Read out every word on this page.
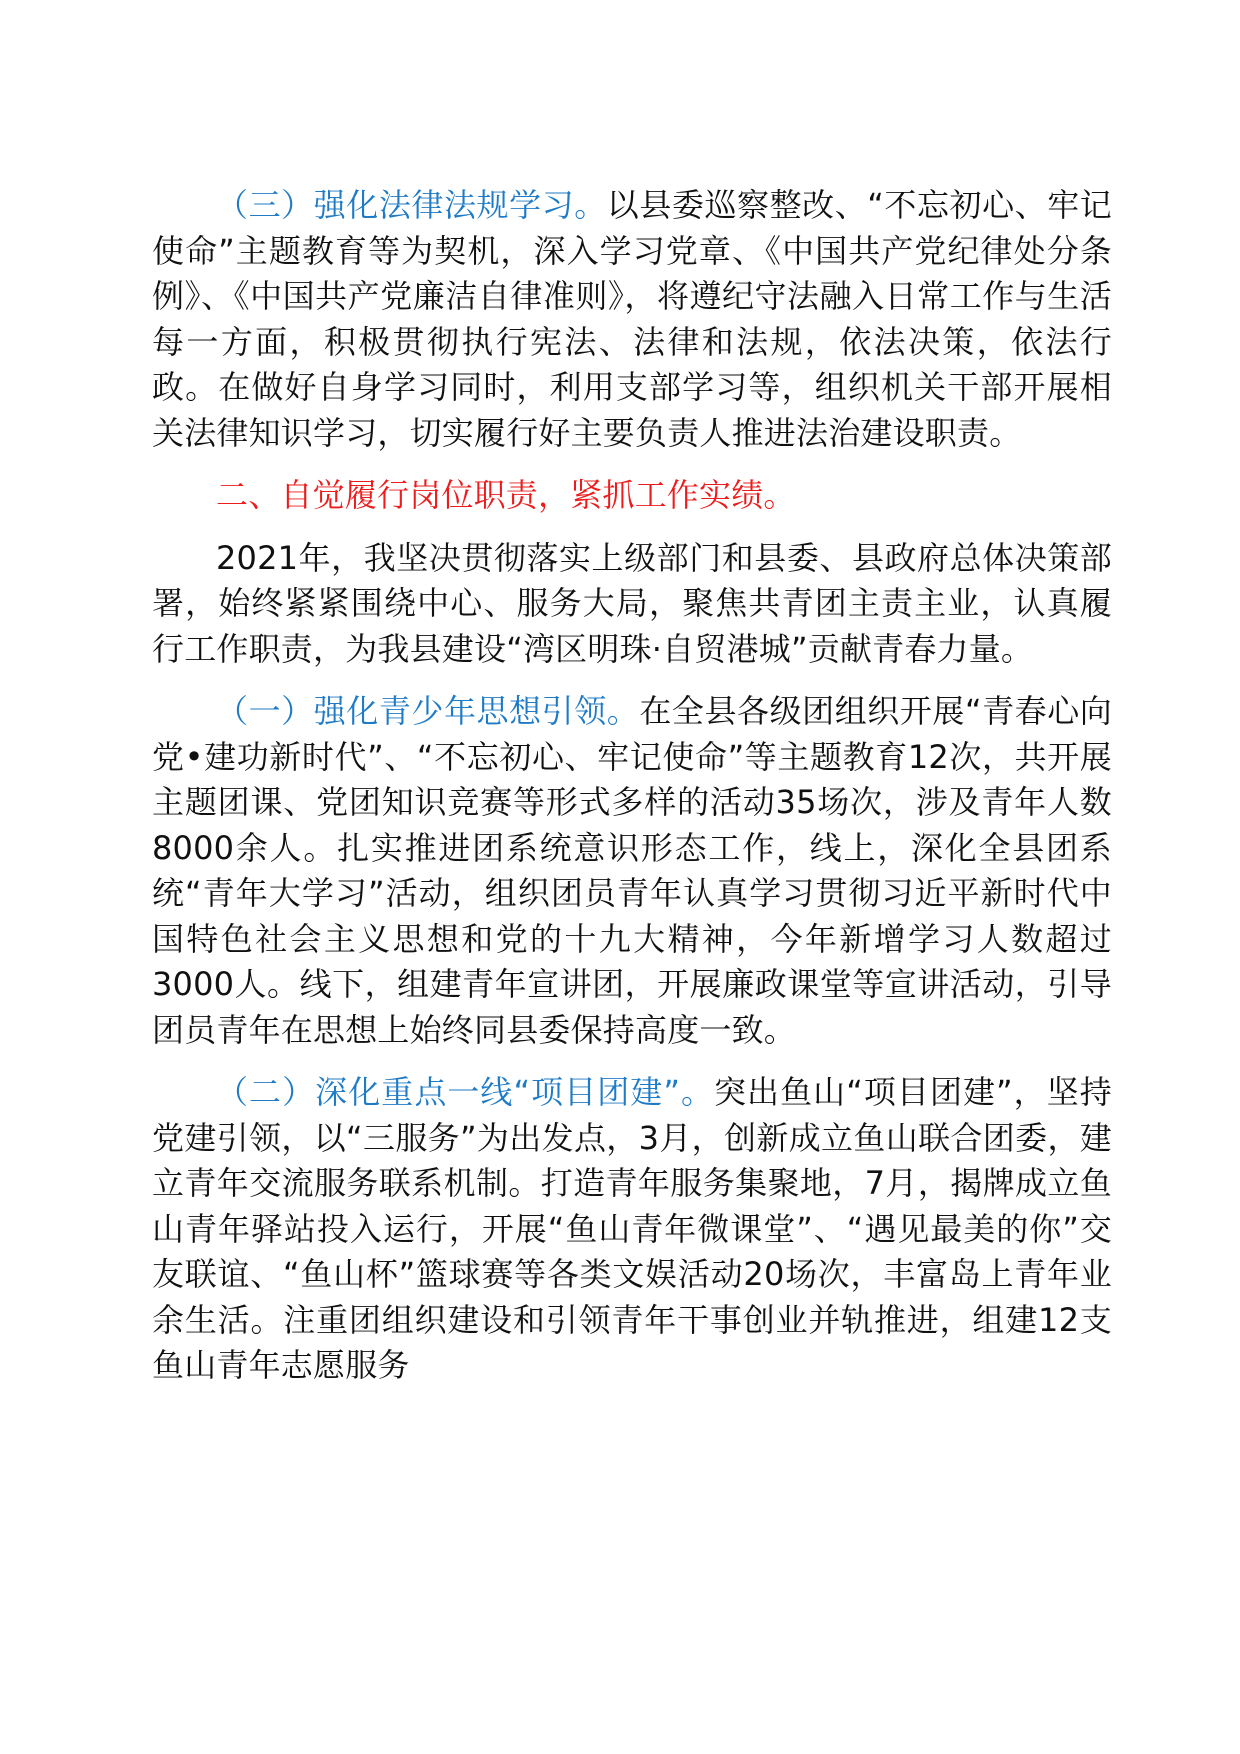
（三）强化法律法规学习。以县委巡察整改、“不忘初心、牢记使命”主题教育等为契机，深入学习党章、《中国共产党纪律处分条例》、《中国共产党廉洁自律准则》，将遵纪守法融入日常工作与生活每一方面，积极贯彻执行宪法、法律和法规，依法决策，依法行政。在做好自身学习同时，利用支部学习等，组织机关干部开展相关法律知识学习，切实履行好主要负责人推进法治建设职责。

二、自觉履行岗位职责，紧抓工作实绩。

2021年，我坚决贯彻落实上级部门和县委、县政府总体决策部署，始终紧紧围绕中心、服务大局，聚焦共青团主责主业，认真履行工作职责，为我县建设“湾区明珠·自贸港城”贡献青春力量。

（一）强化青少年思想引领。在全县各级团组织开展“青春心向党•建功新时代”、“不忘初心、牢记使命”等主题教育12次，共开展主题团课、党团知识竞赛等形式多样的活动35场次，涉及青年人数8000余人。扎实推进团系统意识形态工作，线上，深化全县团系统“青年大学习”活动，组织团员青年认真学习贯彻习近平新时代中国特色社会主义思想和党的十九大精神，今年新增学习人数超过3000人。线下，组建青年宣讲团，开展廉政课堂等宣讲活动，引导团员青年在思想上始终同县委保持高度一致。

（二）深化重点一线“项目团建”。突出鱼山“项目团建”，坚持党建引领，以“三服务”为出发点，3月，创新成立鱼山联合团委，建立青年交流服务联系机制。打造青年服务集聚地，7月，揭牌成立鱼山青年驿站投入运行，开展“鱼山青年微课堂”、“遇见最美的你”交友联谊、“鱼山杯”篮球赛等各类文娱活动20场次，丰富岛上青年业余生活。注重团组织建设和引领青年干事创业并轨推进，组建12支鱼山青年志愿服务
